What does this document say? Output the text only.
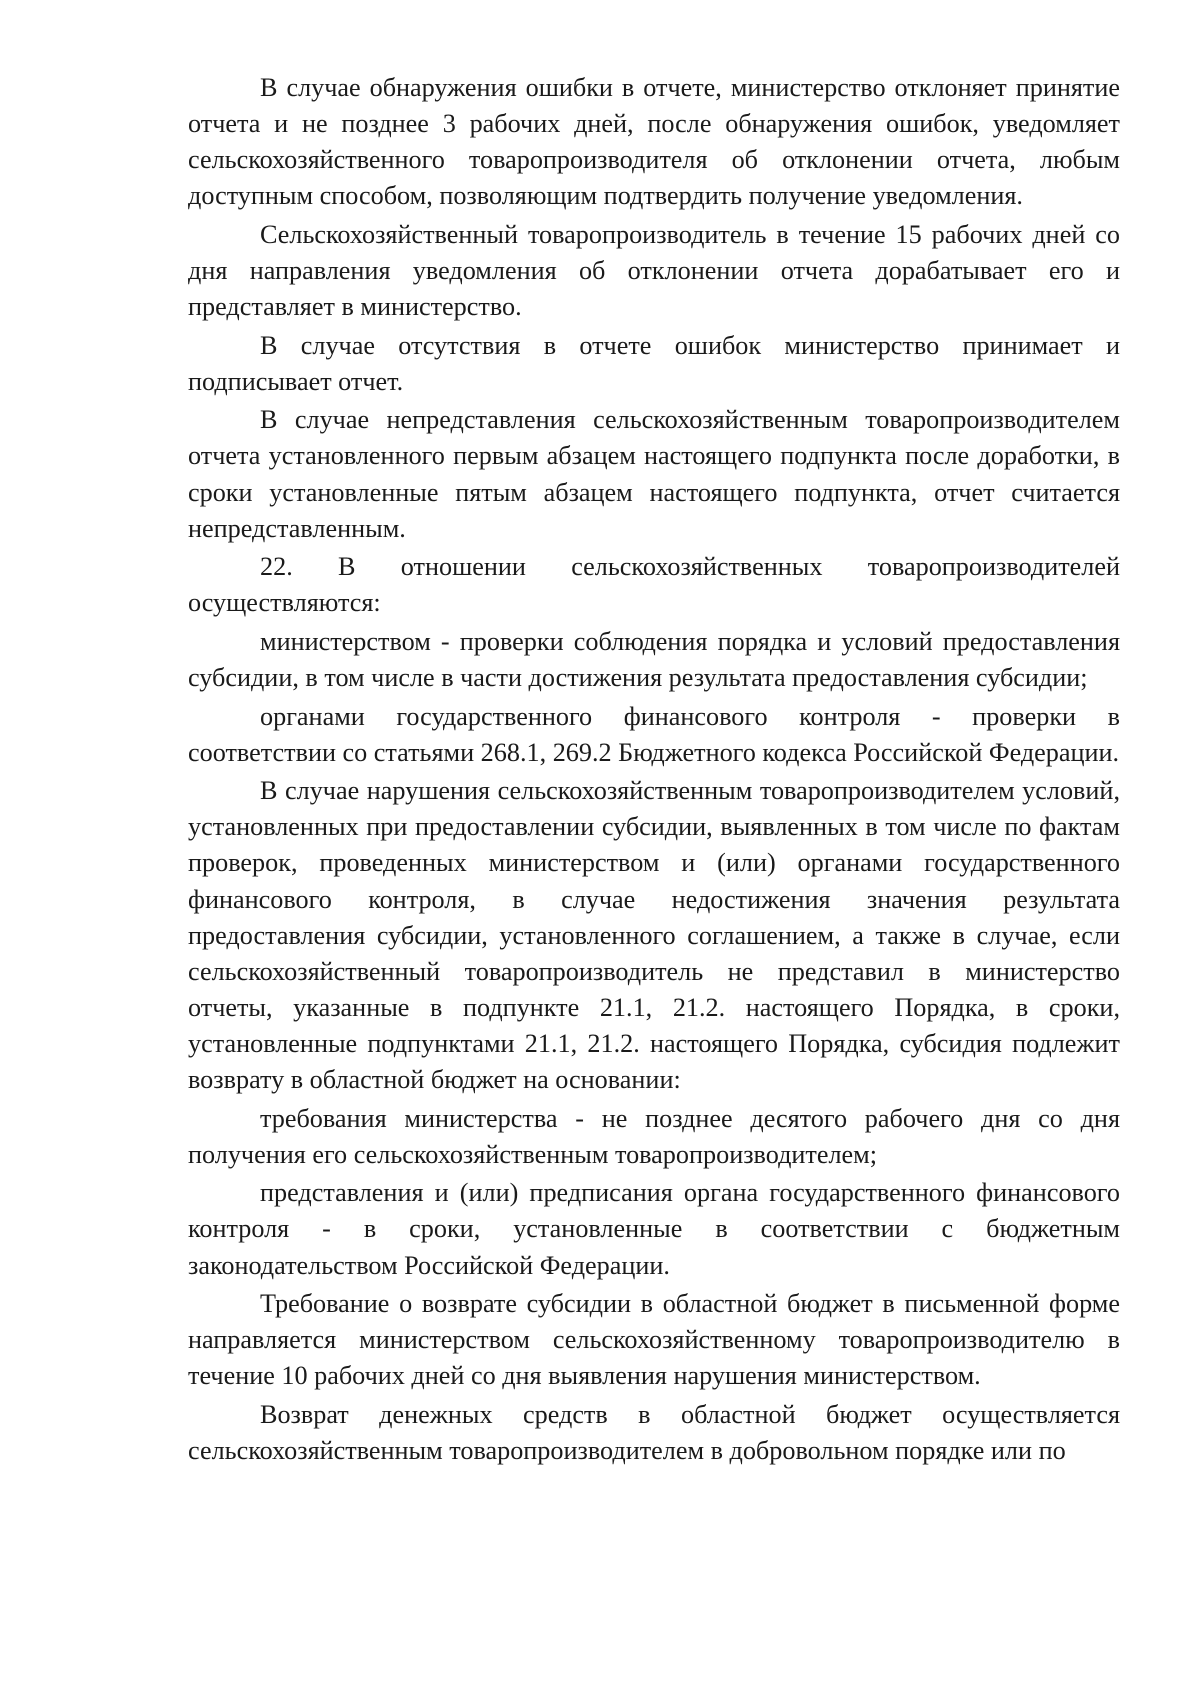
В случае обнаружения ошибки в отчете, министерство отклоняет принятие отчета и не позднее 3 рабочих дней, после обнаружения ошибок, уведомляет сельскохозяйственного товаропроизводителя об отклонении отчета, любым доступным способом, позволяющим подтвердить получение уведомления.

Сельскохозяйственный товаропроизводитель в течение 15 рабочих дней со дня направления уведомления об отклонении отчета дорабатывает его и представляет в министерство.

В случае отсутствия в отчете ошибок министерство принимает и подписывает отчет.

В случае непредставления сельскохозяйственным товаропроизводителем отчета установленного первым абзацем настоящего подпункта после доработки, в сроки установленные пятым абзацем настоящего подпункта, отчет считается непредставленным.

22. В отношении сельскохозяйственных товаропроизводителей осуществляются:

министерством - проверки соблюдения порядка и условий предоставления субсидии, в том числе в части достижения результата предоставления субсидии;

органами государственного финансового контроля - проверки в соответствии со статьями 268.1, 269.2 Бюджетного кодекса Российской Федерации.

В случае нарушения сельскохозяйственным товаропроизводителем условий, установленных при предоставлении субсидии, выявленных в том числе по фактам проверок, проведенных министерством и (или) органами государственного финансового контроля, в случае недостижения значения результата предоставления субсидии, установленного соглашением, а также в случае, если сельскохозяйственный товаропроизводитель не представил в министерство отчеты, указанные в подпункте 21.1, 21.2. настоящего Порядка, в сроки, установленные подпунктами 21.1, 21.2. настоящего Порядка, субсидия подлежит возврату в областной бюджет на основании:

требования министерства - не позднее десятого рабочего дня со дня получения его сельскохозяйственным товаропроизводителем;

представления и (или) предписания органа государственного финансового контроля - в сроки, установленные в соответствии с бюджетным законодательством Российской Федерации.

Требование о возврате субсидии в областной бюджет в письменной форме направляется министерством сельскохозяйственному товаропроизводителю в течение 10 рабочих дней со дня выявления нарушения министерством.

Возврат денежных средств в областной бюджет осуществляется сельскохозяйственным товаропроизводителем в добровольном порядке или по
